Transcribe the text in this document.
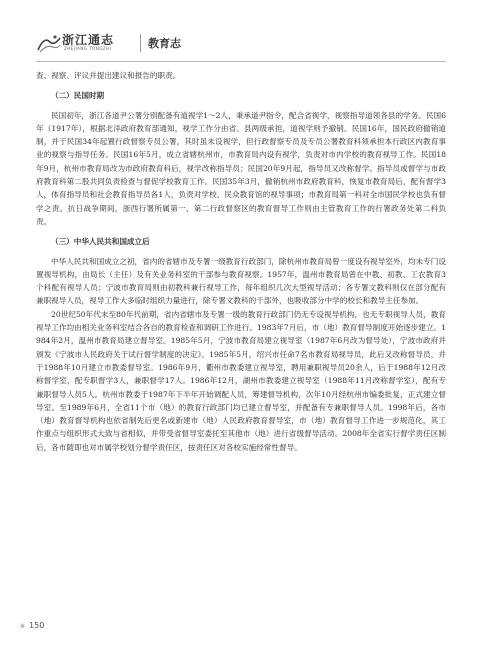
浙江通志
ZHEJIANG TONGZHI	教育志

查、视察、评议并提出建议和报告的职责。

（二）民国时期

民国初年，浙江各道尹公署分别配备有道视学1～2人，秉承道尹指令，配合省视学，视察指导道领各县的学务。民国6年（1917年），根据北洋政府教育部通知，视学工作分由省、县两级承担，道视学则予撤销。民国16年，国民政府撤销道制，并于民国34年起置行政督察专员公署，其时虽未设视学，但行政督察专员及专员公署教育科须承担本行政区内教育事业的视察与指导任务。民国16年5月，成立省辖杭州市，市教育局内设有视学，负责对市内学校的教育视导工作。民国18年9月，杭州市教育局改为市政府教育科后，视学改称指导员；民国20年9月起，指导员又改称督学。指导员或督学与市政府教育科第二股共同负责检查与督促学校教育工作。民国35年3月，撤销杭州市政府教育科，恢复市教育局后，配有督学3人，体育指导员和社会教育指导员各1人，负责对学校、民众教育馆的视导事项；市教育局第一科对全市国民学校也负有督学之责。抗日战争期间，浙西行署所属第一、第二行政督察区的教育督导工作则由主管教育工作的行署政务处第二科负责。

（三）中华人民共和国成立后

中华人民共和国成立之初，省内的省辖市及专署一级教育行政部门，除杭州市教育局曾一度设有视导室外，均未专门设置视导机构，由局长（主任）及有关业务科室的干部参与教育视察。1957年，温州市教育局曾在中教、初教、工农教育3个科配有视导人员；宁波市教育局则由初教科兼行视导工作，每年组织几次大型视导活动；各专署文教科则仅在部分配有兼职视导人员，视导工作大多临时组织力量进行，除专署文教科的干部外，也吸收部分中学的校长和教导主任参加。

20世纪50年代末至80年代前期，省内省辖市及专署一级的教育行政部门仍无专设视导机构，也无专职视导人员，教育视导工作均由相关业务科室结合各自的教育检查和调研工作进行。1983年7月后，市（地）教育督导制度开始逐步建立。1984年2月，温州市教育局建立督导室。1985年5月，宁波市教育局建立视导室（1987年6月改为督导处），宁波市政府并颁发《宁波市人民政府关于试行督学制度的决定》。1985年5月，绍兴市任命7名市教育局视导员，此后又改称督导员，并于1988年10月建立市教委督导室。1986年9月，衢州市教委建立视导室，聘用兼职视导员20余人，后于1988年12月改称督学室，配专职督学3人，兼职督学17人。1986年12月，湖州市教委建立视导室（1988年11月改称督学室），配有专兼职督导人员5人。杭州市教委于1987年下半年开始调配人员，筹建督导机构，次年10月经杭州市编委批复，正式建立督导室。至1989年6月，全省11个市（地）的教育行政部门均已建立督导室，并配备有专兼职督导人员。1998年后，各市（地）教育督导机构也依省制先后更名或新建市（地）人民政府教育督导室，市（地）教育督导工作进一步规范化，其工作重点与组织形式大致与省相似，并带受省督导室委托至其他市（地）进行省级督导活动。2008年全省实行督学责任区制后，各市随即也对市属学校划分督学责任区，按责任区对各校实施经常性督导。

✼ 150
